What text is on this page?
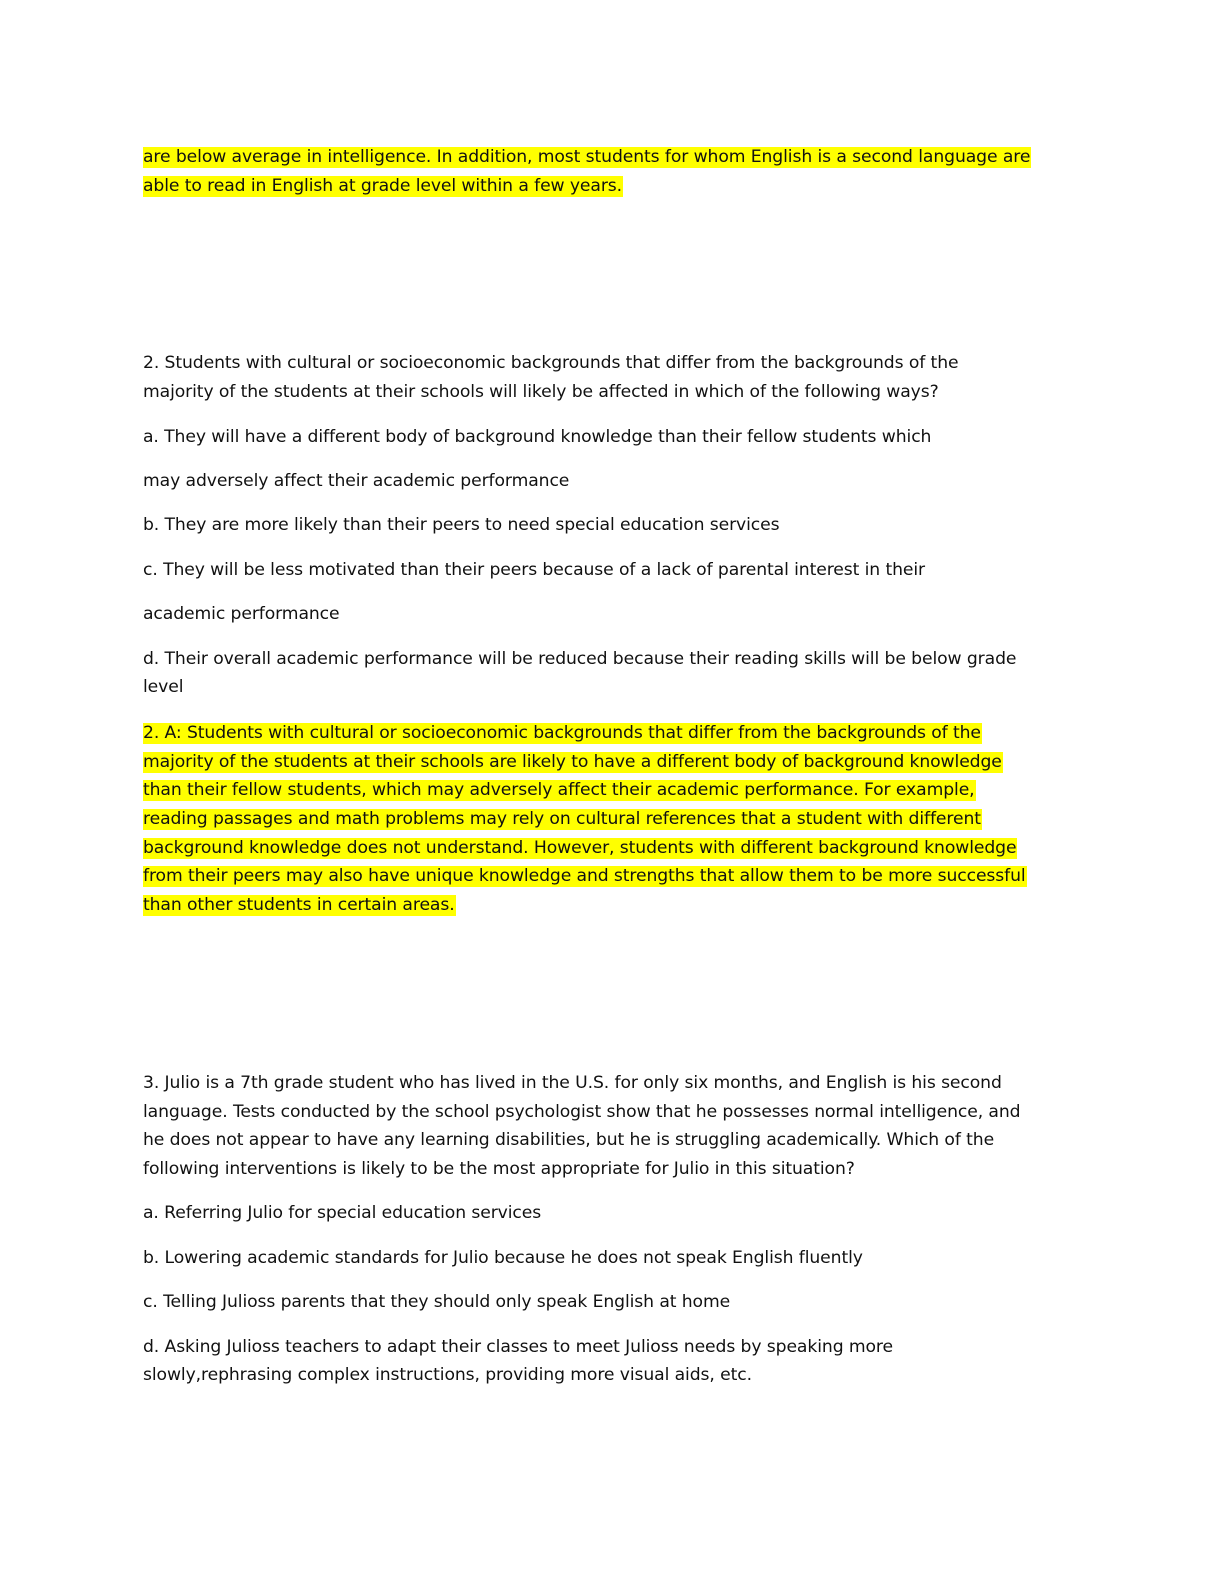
are below average in intelligence. In addition, most students for whom English is a second language are
able to read in English at grade level within a few years.
2. Students with cultural or socioeconomic backgrounds that differ from the backgrounds of the
majority of the students at their schools will likely be affected in which of the following ways?
a. They will have a different body of background knowledge than their fellow students which
may adversely affect their academic performance
b. They are more likely than their peers to need special education services
c. They will be less motivated than their peers because of a lack of parental interest in their
academic performance
d. Their overall academic performance will be reduced because their reading skills will be below grade
level
2. A: Students with cultural or socioeconomic backgrounds that differ from the backgrounds of the
majority of the students at their schools are likely to have a different body of background knowledge
than their fellow students, which may adversely affect their academic performance. For example,
reading passages and math problems may rely on cultural references that a student with different
background knowledge does not understand. However, students with different background knowledge
from their peers may also have unique knowledge and strengths that allow them to be more successful
than other students in certain areas.
3. Julio is a 7th grade student who has lived in the U.S. for only six months, and English is his second
language. Tests conducted by the school psychologist show that he possesses normal intelligence, and
he does not appear to have any learning disabilities, but he is struggling academically. Which of the
following interventions is likely to be the most appropriate for Julio in this situation?
a. Referring Julio for special education services
b. Lowering academic standards for Julio because he does not speak English fluently
c. Telling Julioss parents that they should only speak English at home
d. Asking Julioss teachers to adapt their classes to meet Julioss needs by speaking more
slowly,rephrasing complex instructions, providing more visual aids, etc.
